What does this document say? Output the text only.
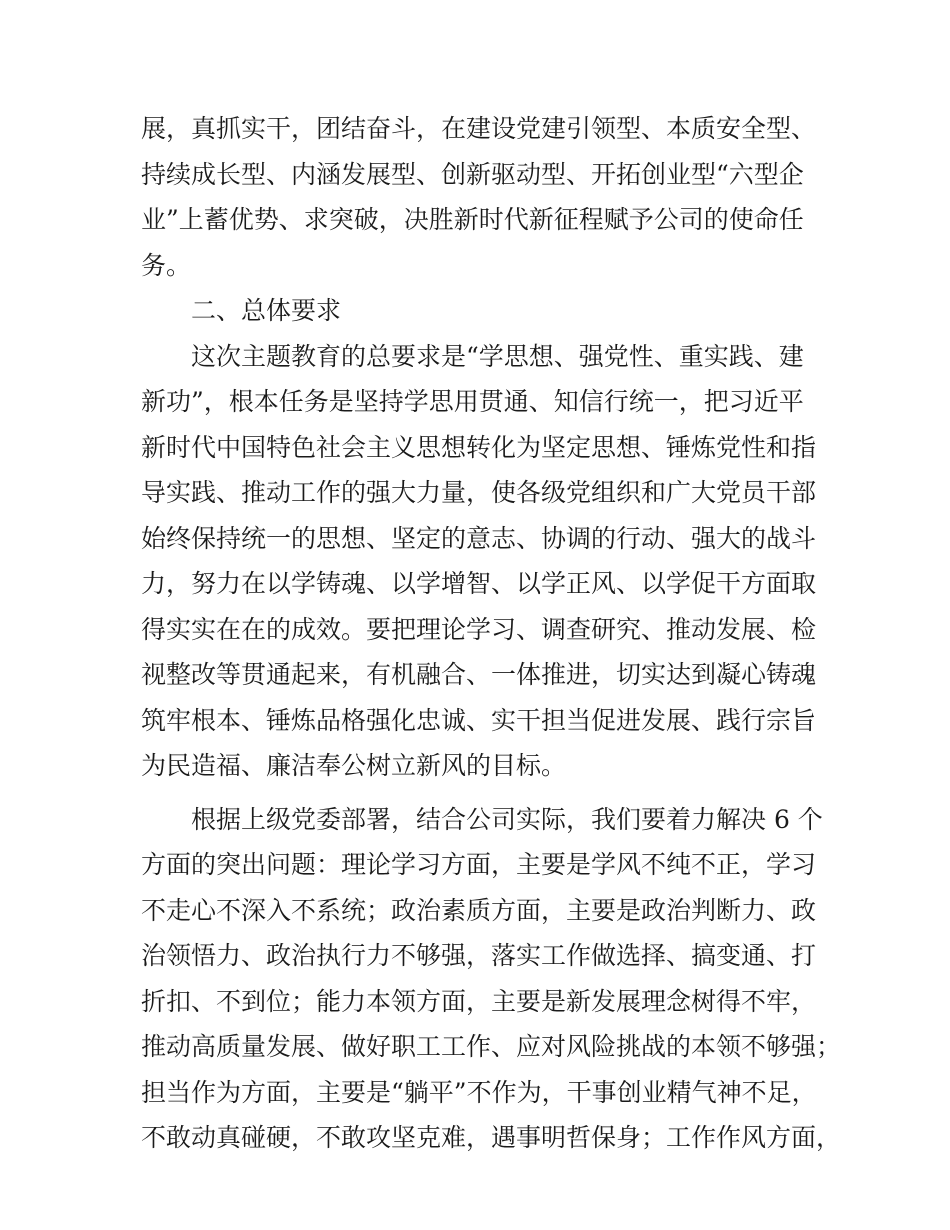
展，真抓实干，团结奋斗，在建设党建引领型、本质安全型、
持续成长型、内涵发展型、创新驱动型、开拓创业型“六型企
业”上蓄优势、求突破，决胜新时代新征程赋予公司的使命任
务。
二、总体要求
这次主题教育的总要求是“学思想、强党性、重实践、建
新功”，根本任务是坚持学思用贯通、知信行统一，把习近平
新时代中国特色社会主义思想转化为坚定思想、锤炼党性和指
导实践、推动工作的强大力量，使各级党组织和广大党员干部
始终保持统一的思想、坚定的意志、协调的行动、强大的战斗
力，努力在以学铸魂、以学增智、以学正风、以学促干方面取
得实实在在的成效。要把理论学习、调查研究、推动发展、检
视整改等贯通起来，有机融合、一体推进，切实达到凝心铸魂
筑牢根本、锤炼品格强化忠诚、实干担当促进发展、践行宗旨
为民造福、廉洁奉公树立新风的目标。
根据上级党委部署，结合公司实际，我们要着力解决 6 个
方面的突出问题：理论学习方面，主要是学风不纯不正，学习
不走心不深入不系统；政治素质方面，主要是政治判断力、政
治领悟力、政治执行力不够强，落实工作做选择、搞变通、打
折扣、不到位；能力本领方面，主要是新发展理念树得不牢，
推动高质量发展、做好职工工作、应对风险挑战的本领不够强；
担当作为方面，主要是“躺平”不作为，干事创业精气神不足，
不敢动真碰硬，不敢攻坚克难，遇事明哲保身；工作作风方面，
